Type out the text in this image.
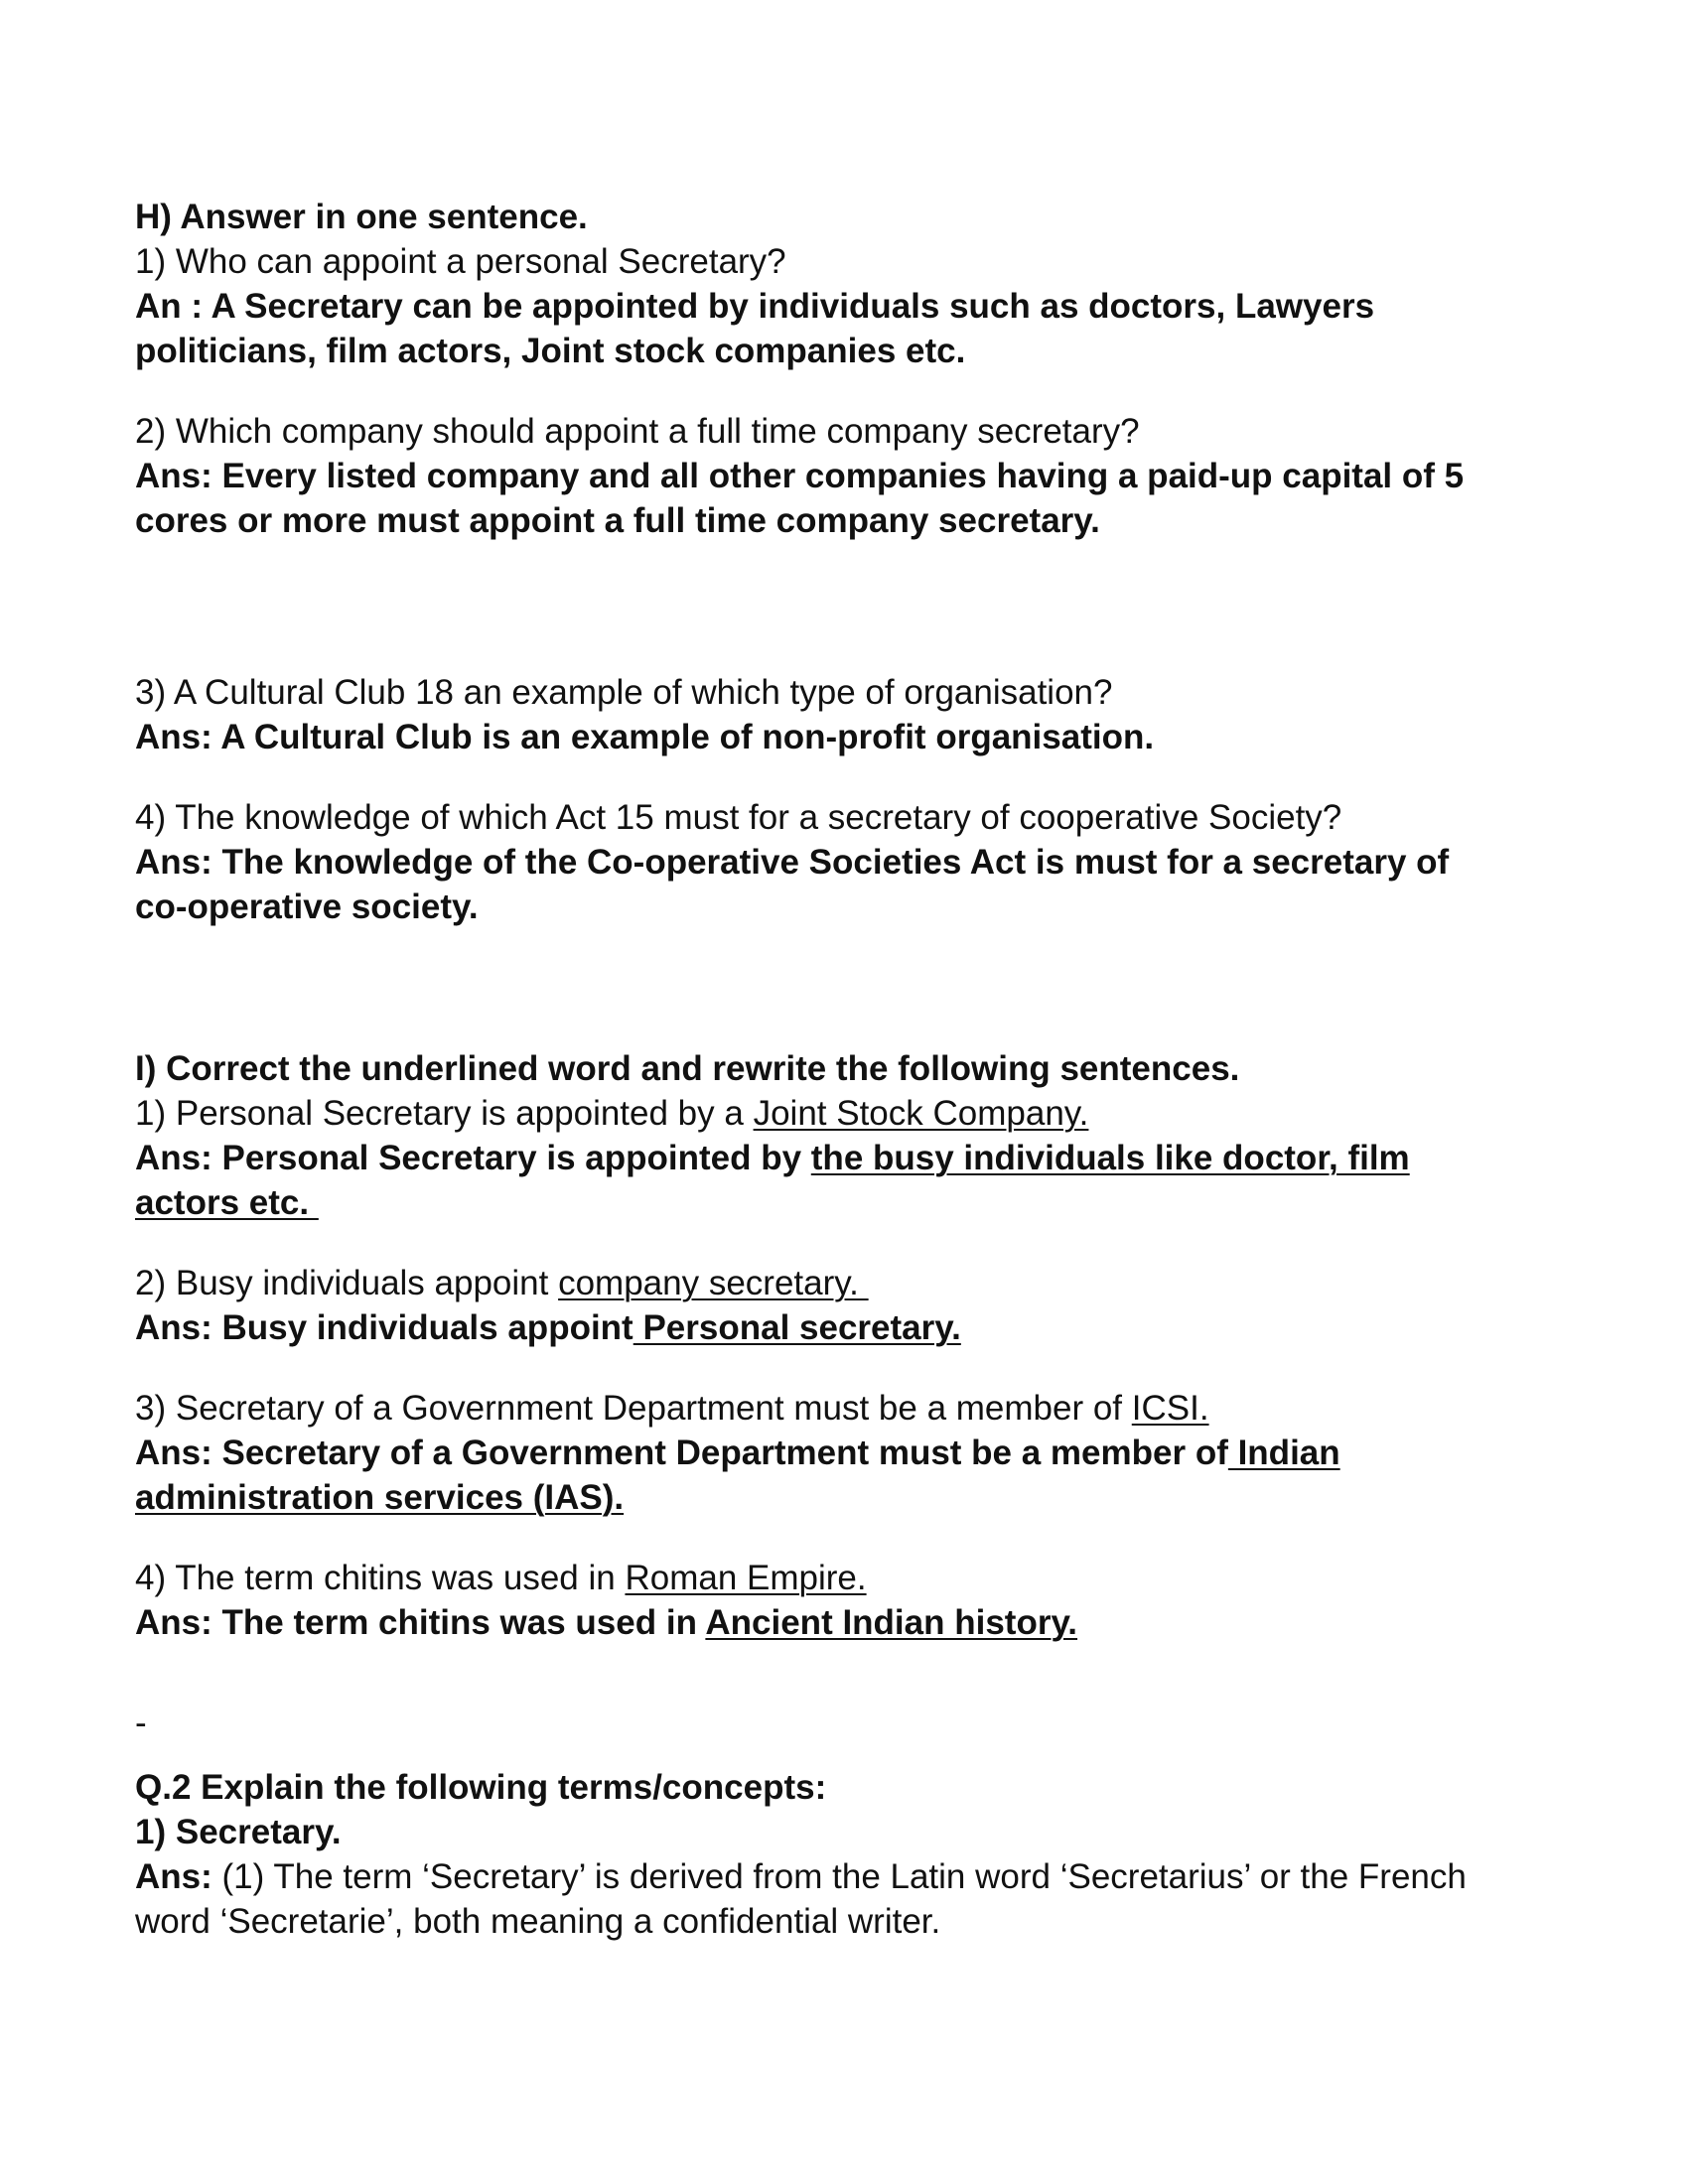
H) Answer in one sentence.
1) Who can appoint a personal Secretary?
An : A Secretary can be appointed by individuals such as doctors, Lawyers
politicians, film actors, Joint stock companies etc.
2) Which company should appoint a full time company secretary?
Ans: Every listed company and all other companies having a paid-up capital of 5
cores or more must appoint a full time company secretary.
3) A Cultural Club 18 an example of which type of organisation?
Ans: A Cultural Club is an example of non-profit organisation.
4) The knowledge of which Act 15 must for a secretary of cooperative Society?
Ans: The knowledge of the Co-operative Societies Act is must for a secretary of
co-operative society.
I) Correct the underlined word and rewrite the following sentences.
1) Personal Secretary is appointed by a Joint Stock Company.
Ans: Personal Secretary is appointed by the busy individuals like doctor, film
actors etc.
2) Busy individuals appoint company secretary.
Ans: Busy individuals appoint Personal secretary.
3) Secretary of a Government Department must be a member of ICSI.
Ans: Secretary of a Government Department must be a member of Indian
administration services (IAS).
4) The term chitins was used in Roman Empire.
Ans: The term chitins was used in Ancient Indian history.
-
Q.2 Explain the following terms/concepts:
1) Secretary.
Ans: (1) The term ‘Secretary’ is derived from the Latin word ‘Secretarius’ or the French
word ‘Secretarie’, both meaning a confidential writer.
